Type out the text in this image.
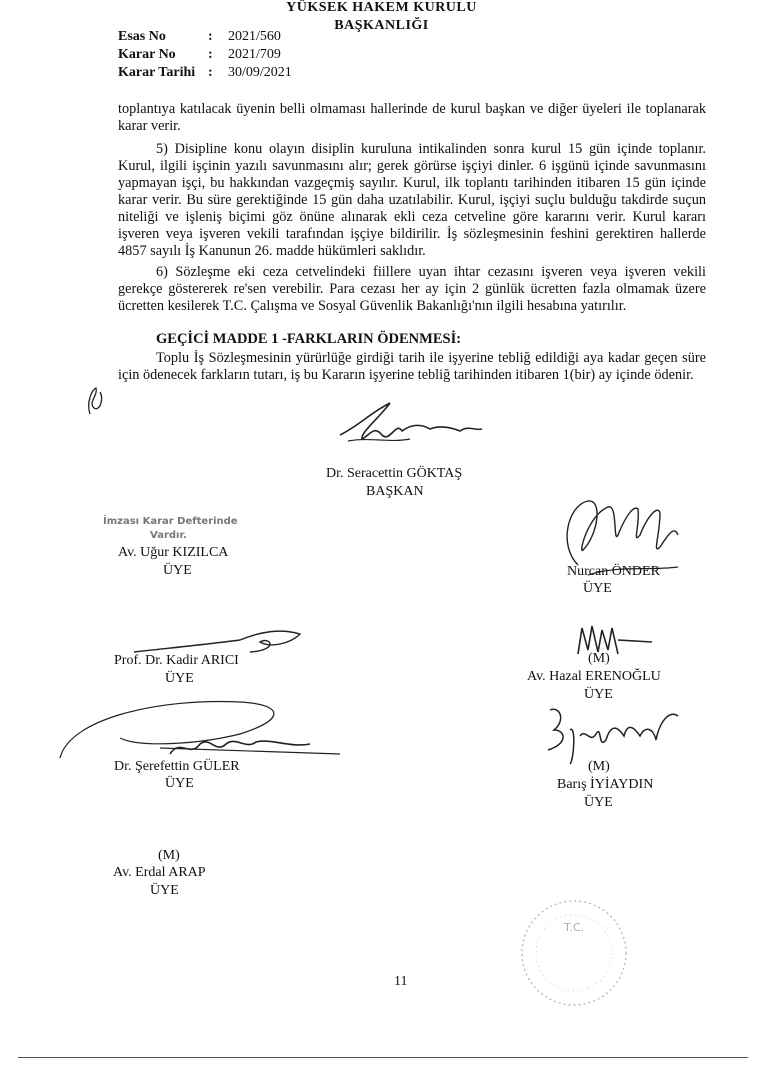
YÜKSEK HAKEM KURULU
BAŞKANLIĞI
Esas No	: 2021/560
Karar No : 2021/709
Karar Tarihi : 30/09/2021

toplantıya katılacak üyenin belli olmaması hallerinde de kurul başkan ve diğer üyeleri ile toplanarak karar verir.

5) Disipline konu olayın disiplin kuruluna intikalinden sonra kurul 15 gün içinde toplanır. Kurul, ilgili işçinin yazılı savunmasını alır; gerek görürse işçiyi dinler. 6 işgünü içinde savunmasını yapmayan işçi, bu hakkından vazgeçmiş sayılır. Kurul, ilk toplantı tarihinden itibaren 15 gün içinde karar verir. Bu süre gerektiğinde 15 gün daha uzatılabilir. Kurul, işçiyi suçlu bulduğu takdirde suçun niteliği ve işleniş biçimi göz önüne alınarak ekli ceza cetveline göre kararını verir. Kurul kararı işveren veya işveren vekili tarafından işçiye bildirilir. İş sözleşmesinin feshini gerektiren hallerde 4857 sayılı İş Kanunun 26. madde hükümleri saklıdır.

6) Sözleşme eki ceza cetvelindeki fiillere uyan ihtar cezasını işveren veya işveren vekili gerekçe göstererek re'sen verebilir. Para cezası her ay için 2 günlük ücretten fazla olmamak üzere ücretten kesilerek T.C. Çalışma ve Sosyal Güvenlik Bakanlığı'nın ilgili hesabına yatırılır.

GEÇİCİ MADDE 1 -FARKLARIN ÖDENMESİ:

Toplu İş Sözleşmesinin yürürlüğe girdiği tarih ile işyerine tebliğ edildiği aya kadar geçen süre için ödenecek farkların tutarı, iş bu Kararın işyerine tebliğ tarihinden itibaren 1(bir) ay içinde ödenir.

Dr. Seracettin GÖKTAŞ
BAŞKAN
İmzası Karar Defterinde
Vardır.
Av. Uğur KIZILCA
ÜYE	Nurcan ÖNDER
ÜYE
Prof. Dr. Kadir ARICI
ÜYE
(M)
Av. Hazal ERENOĞLU
ÜYE
Dr. Şerefettin GÜLER
ÜYE
(M)
Barış İYİAYDIN
ÜYE
(M)
Av. Erdal ARAP
ÜYE
T.C.
11
